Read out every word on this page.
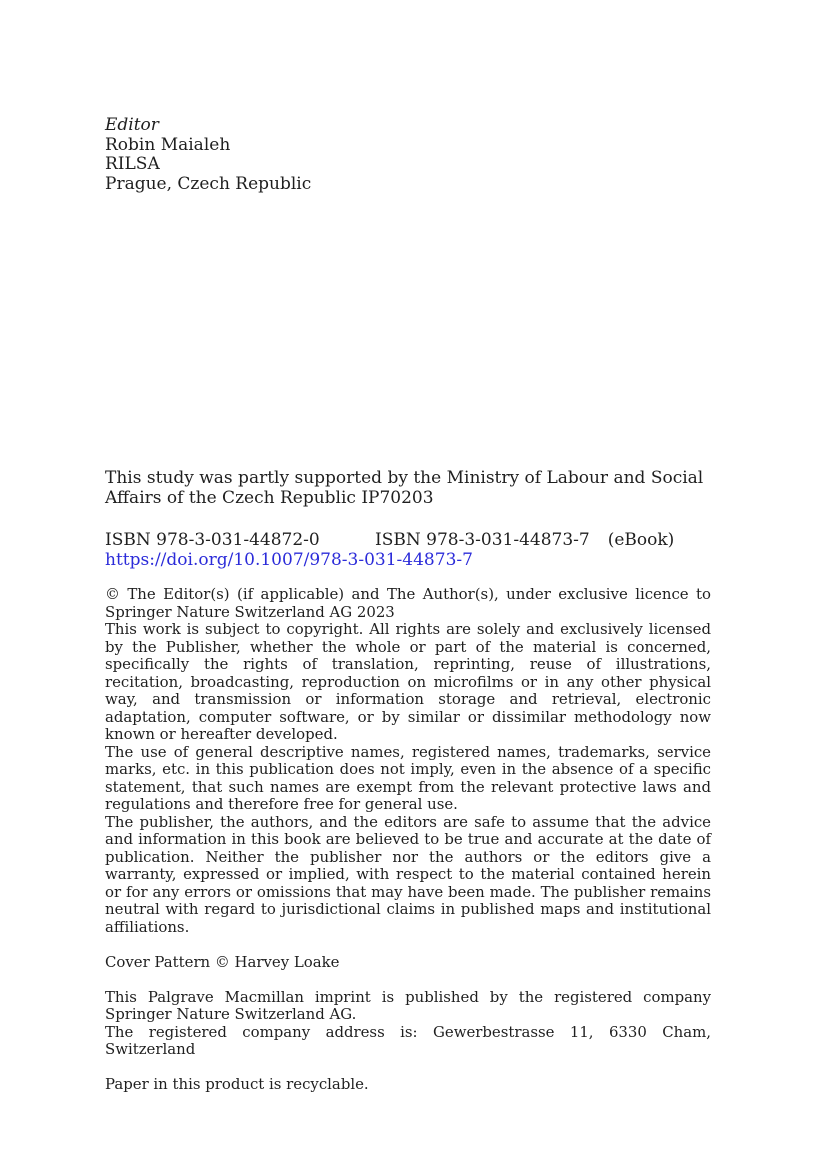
Editor
Robin Maialeh
RILSA
Prague, Czech Republic
This study was partly supported by the Ministry of Labour and Social Affairs of the Czech Republic IP70203
ISBN 978-3-031-44872-0	ISBN 978-3-031-44873-7 (eBook)
https://doi.org/10.1007/978-3-031-44873-7

© The Editor(s) (if applicable) and The Author(s), under exclusive licence to Springer Nature Switzerland AG 2023

This work is subject to copyright. All rights are solely and exclusively licensed by the Publisher, whether the whole or part of the material is concerned, specifically the rights of translation, reprinting, reuse of illustrations, recitation, broadcasting, reproduction on microfilms or in any other physical way, and transmission or information storage and retrieval, electronic adaptation, computer software, or by similar or dissimilar methodology now known or hereafter developed.

The use of general descriptive names, registered names, trademarks, service marks, etc. in this publication does not imply, even in the absence of a specific statement, that such names are exempt from the relevant protective laws and regulations and therefore free for general use.

The publisher, the authors, and the editors are safe to assume that the advice and information in this book are believed to be true and accurate at the date of publication. Neither the publisher nor the authors or the editors give a warranty, expressed or implied, with respect to the material contained herein or for any errors or omissions that may have been made. The publisher remains neutral with regard to jurisdictional claims in published maps and institutional affiliations.

Cover Pattern © Harvey Loake

This Palgrave Macmillan imprint is published by the registered company Springer Nature Switzerland AG.

The registered company address is: Gewerbestrasse 11, 6330 Cham, Switzerland

Paper in this product is recyclable.
